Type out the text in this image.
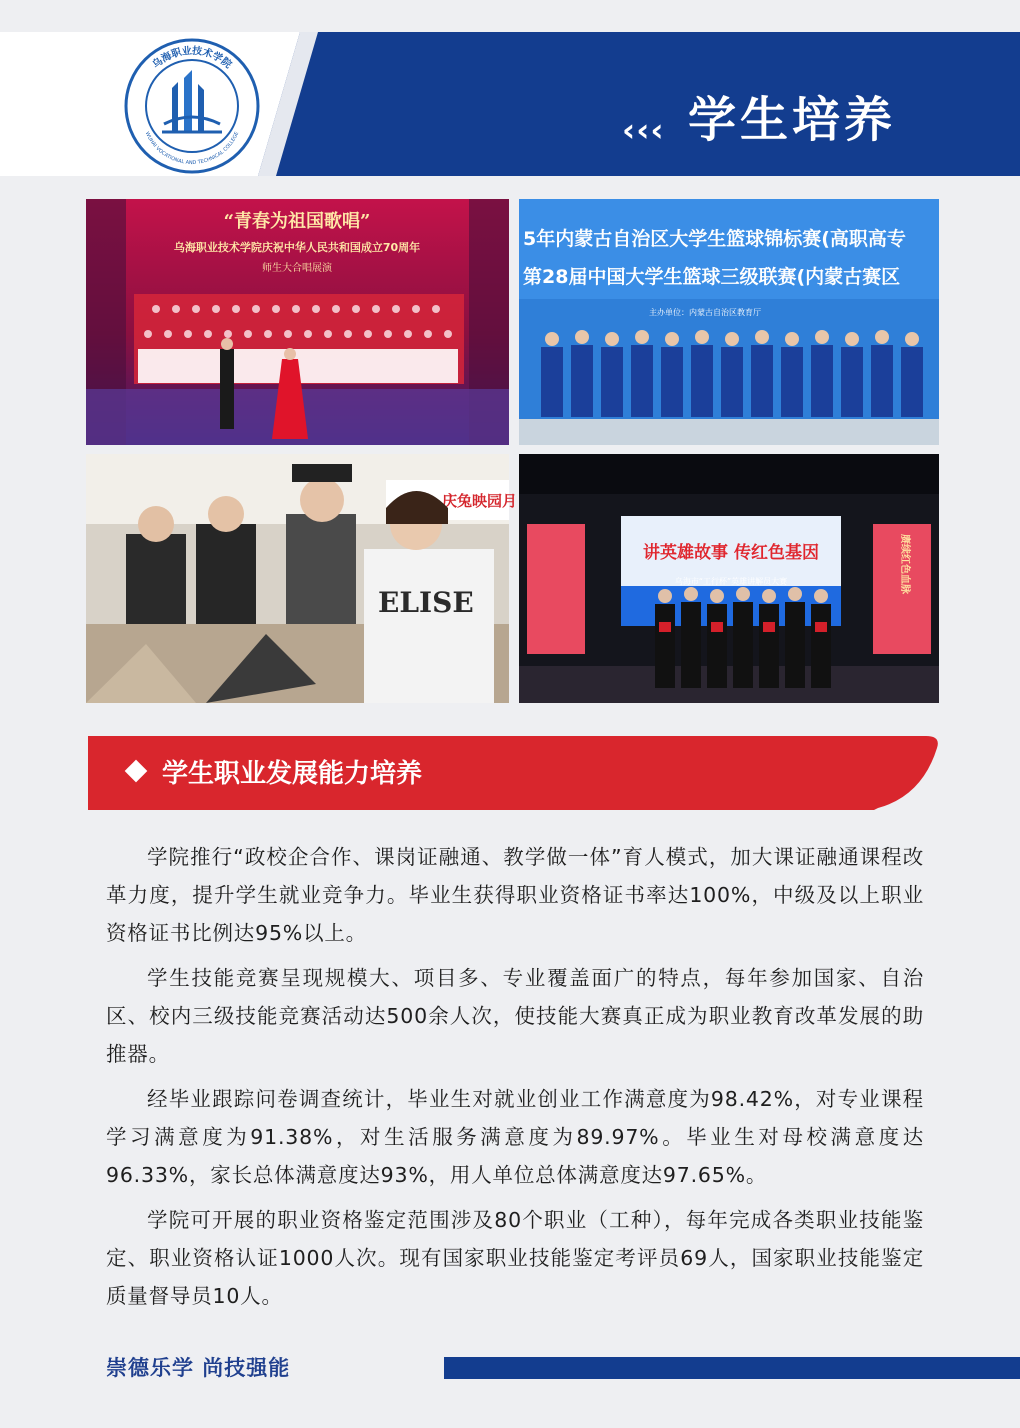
乌海职业技术学院
WUHAI VOCATIONAL AND TECHNICAL COLLEGE	‹‹‹ 学生培养
“青春为祖国歌唱”
乌海职业技术学院庆祝中华人民共和国成立70周年
师生大合唱展演
5年内蒙古自治区大学生篮球锦标赛(高职高专
第28届中国大学生篮球三级联赛(内蒙古赛区
主办单位：内蒙古自治区教育厅
庆兔映园月
ELISE
讲英雄故事 传红色基因
乌海市“工行杯”英雄讲解员大赛	赓续红色血脉
学生职业发展能力培养

学院推行“政校企合作、课岗证融通、教学做一体”育人模式，加大课证融通课程改革力度，提升学生就业竞争力。毕业生获得职业资格证书率达100%，中级及以上职业资格证书比例达95%以上。

学生技能竞赛呈现规模大、项目多、专业覆盖面广的特点，每年参加国家、自治区、校内三级技能竞赛活动达500余人次，使技能大赛真正成为职业教育改革发展的助推器。

经毕业跟踪问卷调查统计，毕业生对就业创业工作满意度为98.42%，对专业课程学习满意度为91.38%，对生活服务满意度为89.97%。毕业生对母校满意度达96.33%，家长总体满意度达93%，用人单位总体满意度达97.65%。

学院可开展的职业资格鉴定范围涉及80个职业（工种），每年完成各类职业技能鉴定、职业资格认证1000人次。现有国家职业技能鉴定考评员69人，国家职业技能鉴定质量督导员10人。

崇德乐学 尚技强能
